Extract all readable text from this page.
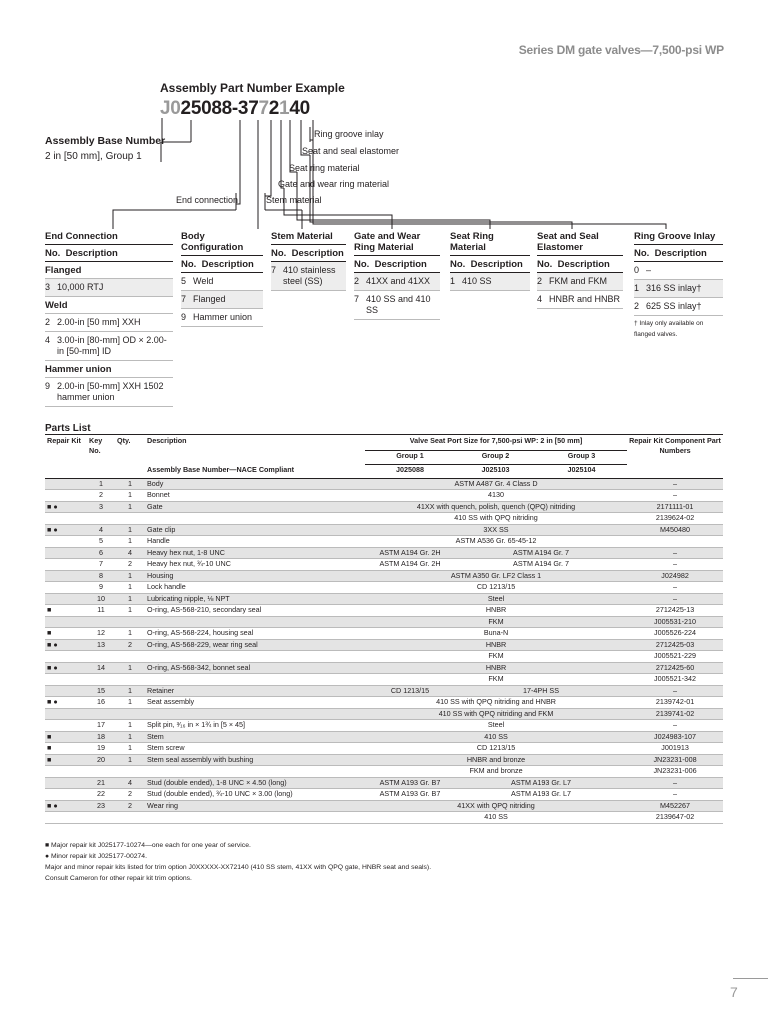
Series DM gate valves—7,500-psi WP
Assembly Part Number Example
J025088-3772140
Assembly Base Number
2 in [50 mm], Group 1
Ring groove inlay
Seat and seal elastomer
Seat ring material
Gate and wear ring material
End connection	Stem material
End Connection
No. Description
Flanged
3 10,000 RTJ
Weld
2 2.00-in [50 mm] XXH
4 3.00-in [80-mm] OD × 2.00-in [50-mm] ID
Hammer union
9 2.00-in [50-mm] XXH 1502 hammer union
Body Configuration
No. Description
5 Weld
7 Flanged
9 Hammer union
Stem Material
No. Description
7 410 stainless steel (SS)
Gate and Wear Ring Material
No. Description
2 41XX and 41XX
7 410 SS and 410 SS
Seat Ring Material
No. Description
1 410 SS
Seat and Seal Elastomer
No. Description
2 FKM and FKM
4 HNBR and HNBR
Ring Groove Inlay
No. Description
0 –
1 316 SS inlay†
2 625 SS inlay†
† Inlay only available on flanged valves.
Parts List
Repair Kit	Key No.	Qty.	Description	Valve Seat Port Size for 7,500-psi WP: 2 in [50 mm]			Repair Kit Component Part Numbers
				Group 1	Group 2	Group 3	
			Assembly Base Number—NACE Compliant	J025088	J025103	J025104	
	1	1	Body	ASTM A487 Gr. 4 Class D			–
	2	1	Bonnet	4130			–
■ ●	3	1	Gate	41XX with quench, polish, quench (QPQ) nitriding			2171111-01
				410 SS with QPQ nitriding			2139624-02
■ ●	4	1	Gate clip	3XX SS			M450480
	5	1	Handle	ASTM A536 Gr. 65-45-12			
	6	4	Heavy hex nut, 1-8 UNC	ASTM A194 Gr. 2H	ASTM A194 Gr. 7		–
	7	2	Heavy hex nut, ¾-10 UNC	ASTM A194 Gr. 2H	ASTM A194 Gr. 7		–
	8	1	Housing	ASTM A350 Gr. LF2 Class 1			J024982
	9	1	Lock handle	CD 1213/15			–
	10	1	Lubricating nipple, ⅛ NPT	Steel			–
■	11	1	O-ring, AS-568-210, secondary seal	HNBR			2712425-13
				FKM			J005531-210
■	12	1	O-ring, AS-568-224, housing seal	Buna-N			J005526-224
■ ●	13	2	O-ring, AS-568-229, wear ring seal	HNBR			2712425-03
				FKM			J005521-229
■ ●	14	1	O-ring, AS-568-342, bonnet seal	HNBR			2712425-60
				FKM			J005521-342
	15	1	Retainer	CD 1213/15	17-4PH SS		–
■ ●	16	1	Seat assembly	410 SS with QPQ nitriding and HNBR			2139742-01
				410 SS with QPQ nitriding and FKM			2139741-02
	17	1	Split pin, ³⁄₁₆ in × 1¾ in [5 × 45]	Steel			–
■	18	1	Stem	410 SS			J024983-107
■	19	1	Stem screw	CD 1213/15			J001913
■	20	1	Stem seal assembly with bushing	HNBR and bronze			JN23231-008
				FKM and bronze			JN23231-006
	21	4	Stud (double ended), 1-8 UNC × 4.50 (long)	ASTM A193 Gr. B7	ASTM A193 Gr. L7		–
	22	2	Stud (double ended), ¾-10 UNC × 3.00 (long)	ASTM A193 Gr. B7	ASTM A193 Gr. L7		–
■ ●	23	2	Wear ring	41XX with QPQ nitriding			M452267
				410 SS			2139647-02
■ Major repair kit J025177-10274—one each for one year of service.
● Minor repair kit J025177-00274.
Major and minor repair kits listed for trim option J0XXXXX-XX72140 (410 SS stem, 41XX with QPQ gate, HNBR seat and seals).
Consult Cameron for other repair kit trim options.
7
